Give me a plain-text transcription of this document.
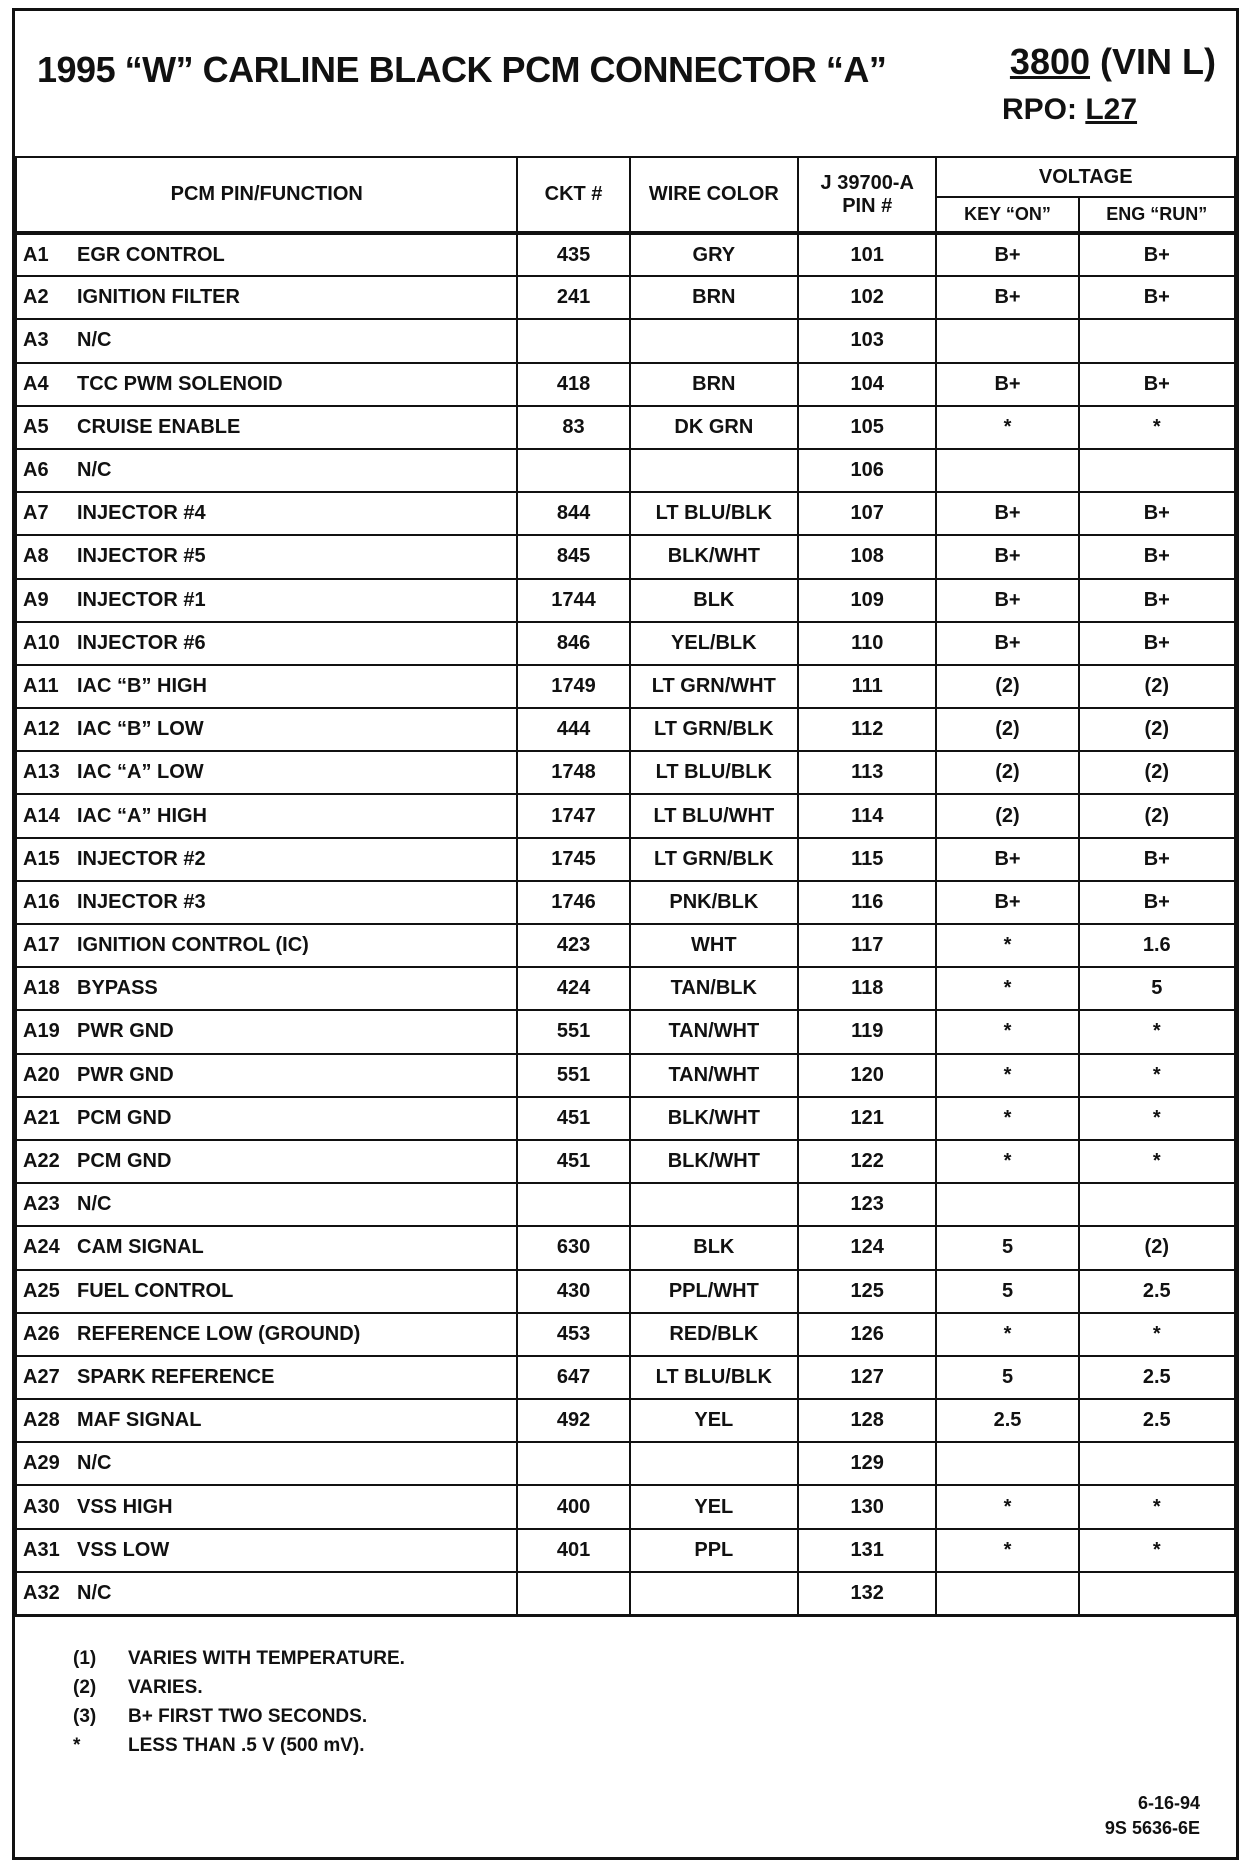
1995 “W” CARLINE BLACK PCM CONNECTOR “A”	3800 (VIN L)
RPO: L27
PCM PIN/FUNCTION	CKT #	WIRE COLOR	J 39700-A
PIN #	VOLTAGE	
				KEY “ON”	ENG “RUN”
A1 EGR CONTROL	435	GRY	101	B+	B+
A2 IGNITION FILTER	241	BRN	102	B+	B+
A3 N/C			103		
A4 TCC PWM SOLENOID	418	BRN	104	B+	B+
A5 CRUISE ENABLE	83	DK GRN	105	*	*
A6 N/C			106		
A7 INJECTOR #4	844	LT BLU/BLK	107	B+	B+
A8 INJECTOR #5	845	BLK/WHT	108	B+	B+
A9 INJECTOR #1	1744	BLK	109	B+	B+
A10 INJECTOR #6	846	YEL/BLK	110	B+	B+
A11 IAC “B” HIGH	1749	LT GRN/WHT	111	(2)	(2)
A12 IAC “B” LOW	444	LT GRN/BLK	112	(2)	(2)
A13 IAC “A” LOW	1748	LT BLU/BLK	113	(2)	(2)
A14 IAC “A” HIGH	1747	LT BLU/WHT	114	(2)	(2)
A15 INJECTOR #2	1745	LT GRN/BLK	115	B+	B+
A16 INJECTOR #3	1746	PNK/BLK	116	B+	B+
A17 IGNITION CONTROL (IC)	423	WHT	117	*	1.6
A18 BYPASS	424	TAN/BLK	118	*	5
A19 PWR GND	551	TAN/WHT	119	*	*
A20 PWR GND	551	TAN/WHT	120	*	*
A21 PCM GND	451	BLK/WHT	121	*	*
A22 PCM GND	451	BLK/WHT	122	*	*
A23 N/C			123		
A24 CAM SIGNAL	630	BLK	124	5	(2)
A25 FUEL CONTROL	430	PPL/WHT	125	5	2.5
A26 REFERENCE LOW (GROUND)	453	RED/BLK	126	*	*
A27 SPARK REFERENCE	647	LT BLU/BLK	127	5	2.5
A28 MAF SIGNAL	492	YEL	128	2.5	2.5
A29 N/C			129		
A30 VSS HIGH	400	YEL	130	*	*
A31 VSS LOW	401	PPL	131	*	*
A32 N/C			132		
(1)	VARIES WITH TEMPERATURE.
(2)	VARIES.
(3)	B+ FIRST TWO SECONDS.
*	LESS THAN .5 V (500 mV).
6-16-94
9S 5636-6E
